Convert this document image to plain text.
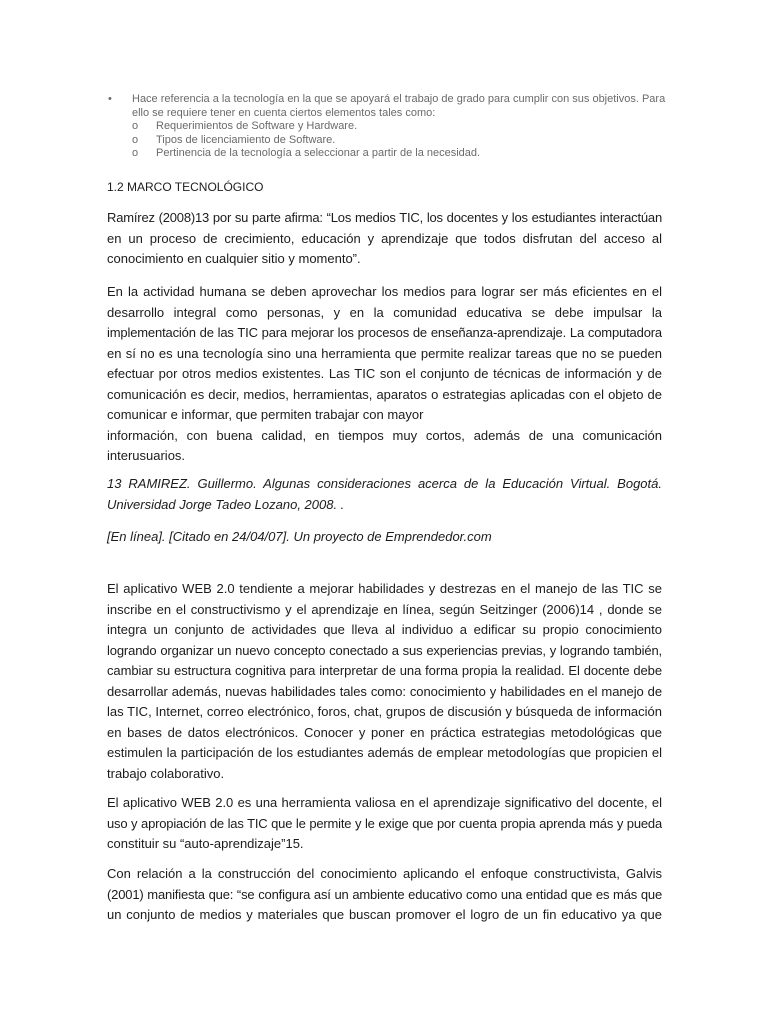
• Hace referencia a la tecnología en la que se apoyará el trabajo de grado para cumplir con sus objetivos. Para
ello se requiere tener en cuenta ciertos elementos tales como:
o Requerimientos de Software y Hardware.
o Tipos de licenciamiento de Software.
o Pertinencia de la tecnología a seleccionar a partir de la necesidad.
1.2 MARCO TECNOLÓGICO
Ramírez (2008)13 por su parte afirma: “Los medios TIC, los docentes y los estudiantes interactúan
en un proceso de crecimiento, educación y aprendizaje que todos disfrutan del acceso al
conocimiento en cualquier sitio y momento”.
En la actividad humana se deben aprovechar los medios para lograr ser más eficientes en el
desarrollo integral como personas, y en la comunidad educativa se debe impulsar la
implementación de las TIC para mejorar los procesos de enseñanza-aprendizaje. La computadora
en sí no es una tecnología sino una herramienta que permite realizar tareas que no se pueden
efectuar por otros medios existentes. Las TIC son el conjunto de técnicas de información y de
comunicación es decir, medios, herramientas, aparatos o estrategias aplicadas con el objeto de
comunicar e informar, que permiten trabajar con mayor
información, con buena calidad, en tiempos muy cortos, además de una comunicación
interusuarios.
13 RAMIREZ. Guillermo. Algunas consideraciones acerca de la Educación Virtual. Bogotá.
Universidad Jorge Tadeo Lozano, 2008. .
[En línea]. [Citado en 24/04/07]. Un proyecto de Emprendedor.com
El aplicativo WEB 2.0 tendiente a mejorar habilidades y destrezas en el manejo de las TIC se
inscribe en el constructivismo y el aprendizaje en línea, según Seitzinger (2006)14 , donde se
integra un conjunto de actividades que lleva al individuo a edificar su propio conocimiento
logrando organizar un nuevo concepto conectado a sus experiencias previas, y logrando también,
cambiar su estructura cognitiva para interpretar de una forma propia la realidad. El docente debe
desarrollar además, nuevas habilidades tales como: conocimiento y habilidades en el manejo de
las TIC, Internet, correo electrónico, foros, chat, grupos de discusión y búsqueda de información
en bases de datos electrónicos. Conocer y poner en práctica estrategias metodológicas que
estimulen la participación de los estudiantes además de emplear metodologías que propicien el
trabajo colaborativo.
El aplicativo WEB 2.0 es una herramienta valiosa en el aprendizaje significativo del docente, el
uso y apropiación de las TIC que le permite y le exige que por cuenta propia aprenda más y pueda
constituir su “auto-aprendizaje”15.
Con relación a la construcción del conocimiento aplicando el enfoque constructivista, Galvis
(2001) manifiesta que: “se configura así un ambiente educativo como una entidad que es más que
un conjunto de medios y materiales que buscan promover el logro de un fin educativo ya que
